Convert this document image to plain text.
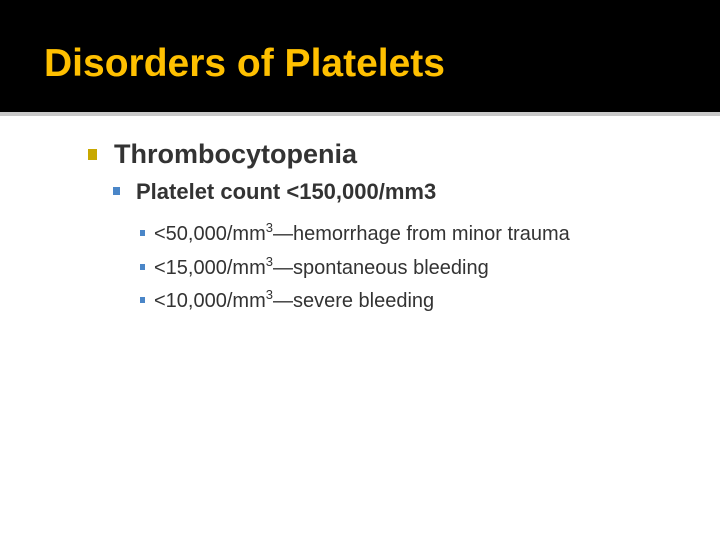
Disorders of Platelets
Thrombocytopenia
Platelet count <150,000/mm3
$<50,000/mm^3—hemorrhage$ from minor trauma
$<15,000/mm^3—spontaneous$ bleeding
$<10,000/mm^3—severe$ bleeding
